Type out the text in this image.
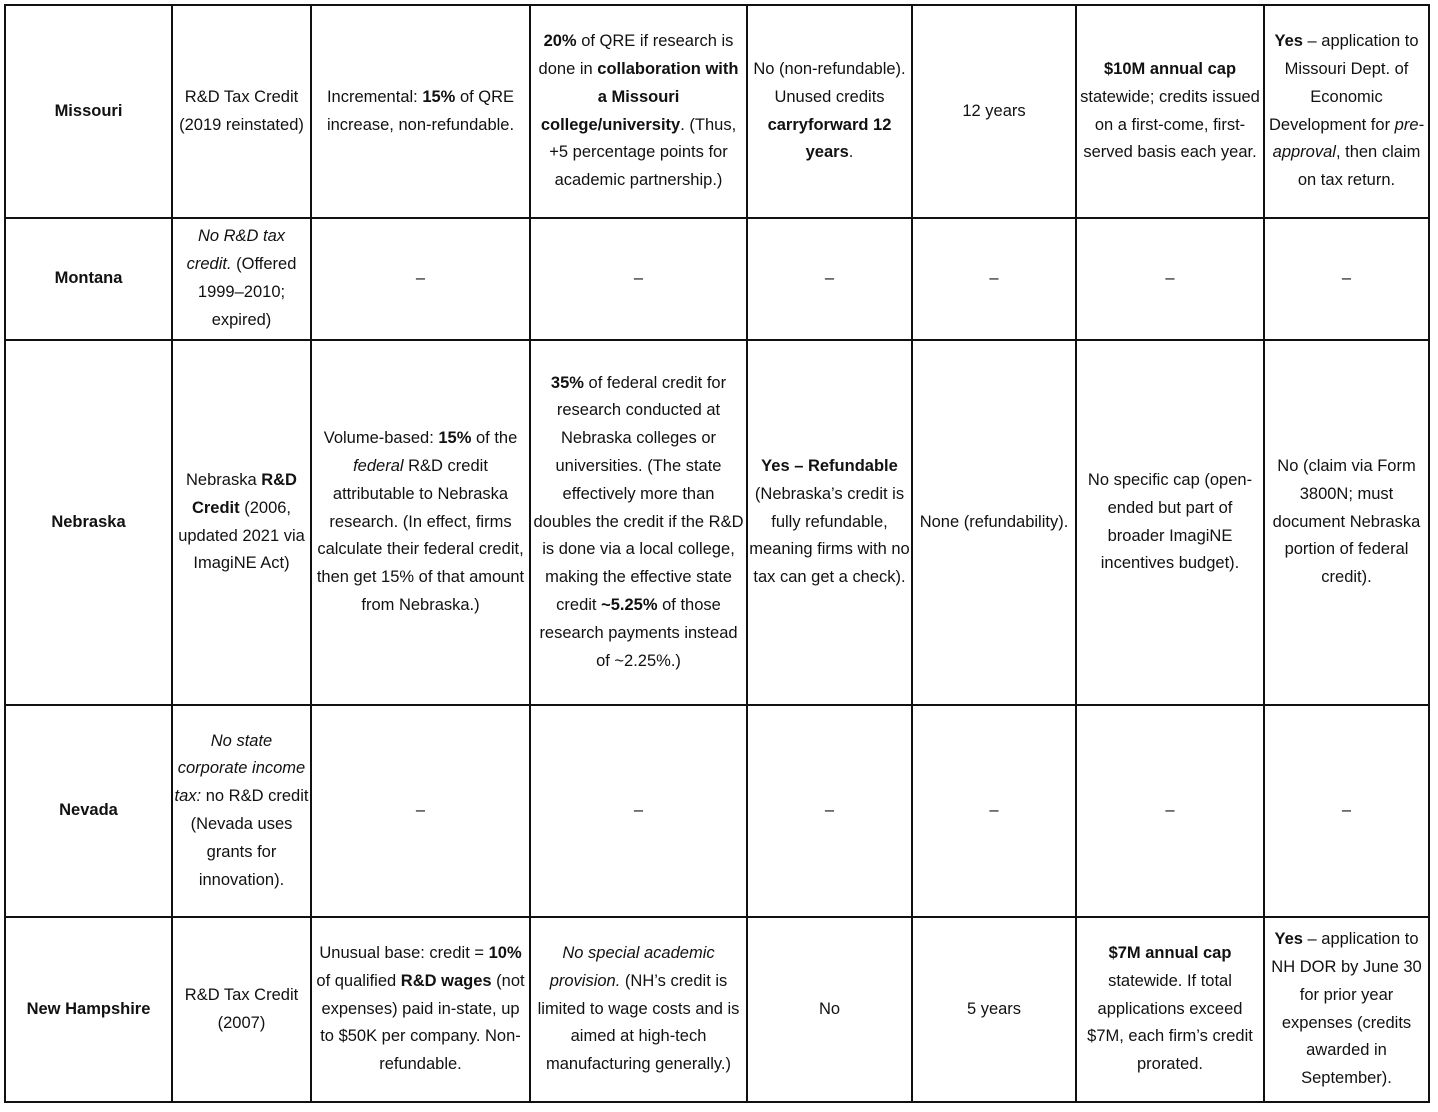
Missouri	R&D Tax Credit (2019 reinstated)	Incremental: 15% of QRE increase, non-refundable.	20% of QRE if research is done in collaboration with a Missouri college/university. (Thus, +5 percentage points for academic partnership.)	No (non-refundable). Unused credits carryforward 12 years.	12 years	$10M annual cap statewide; credits issued on a first-come, first-served basis each year.	Yes – application to Missouri Dept. of Economic Development for pre-approval, then claim on tax return.
Montana	No R&D tax credit. (Offered 1999–2010; expired)	–	–	–	–	–	–
Nebraska	Nebraska R&D Credit (2006, updated 2021 via ImagiNE Act)	Volume-based: 15% of the federal R&D credit attributable to Nebraska research. (In effect, firms calculate their federal credit, then get 15% of that amount from Nebraska.)	35% of federal credit for research conducted at Nebraska colleges or universities. (The state effectively more than doubles the credit if the R&D is done via a local college, making the effective state credit ~5.25% of those research payments instead of ~2.25%.)	Yes – Refundable (Nebraska’s credit is fully refundable, meaning firms with no tax can get a check).	None (refundability).	No specific cap (open-ended but part of broader ImagiNE incentives budget).	No (claim via Form 3800N; must document Nebraska portion of federal credit).
Nevada	No state corporate income tax: no R&D credit (Nevada uses grants for innovation).	–	–	–	–	–	–
New Hampshire	R&D Tax Credit (2007)	Unusual base: credit = 10% of qualified R&D wages (not expenses) paid in-state, up to $50K per company. Non-refundable.	No special academic provision. (NH’s credit is limited to wage costs and is aimed at high-tech manufacturing generally.)	No	5 years	$7M annual cap statewide. If total applications exceed $7M, each firm’s credit prorated.	Yes – application to NH DOR by June 30 for prior year expenses (credits awarded in September).
